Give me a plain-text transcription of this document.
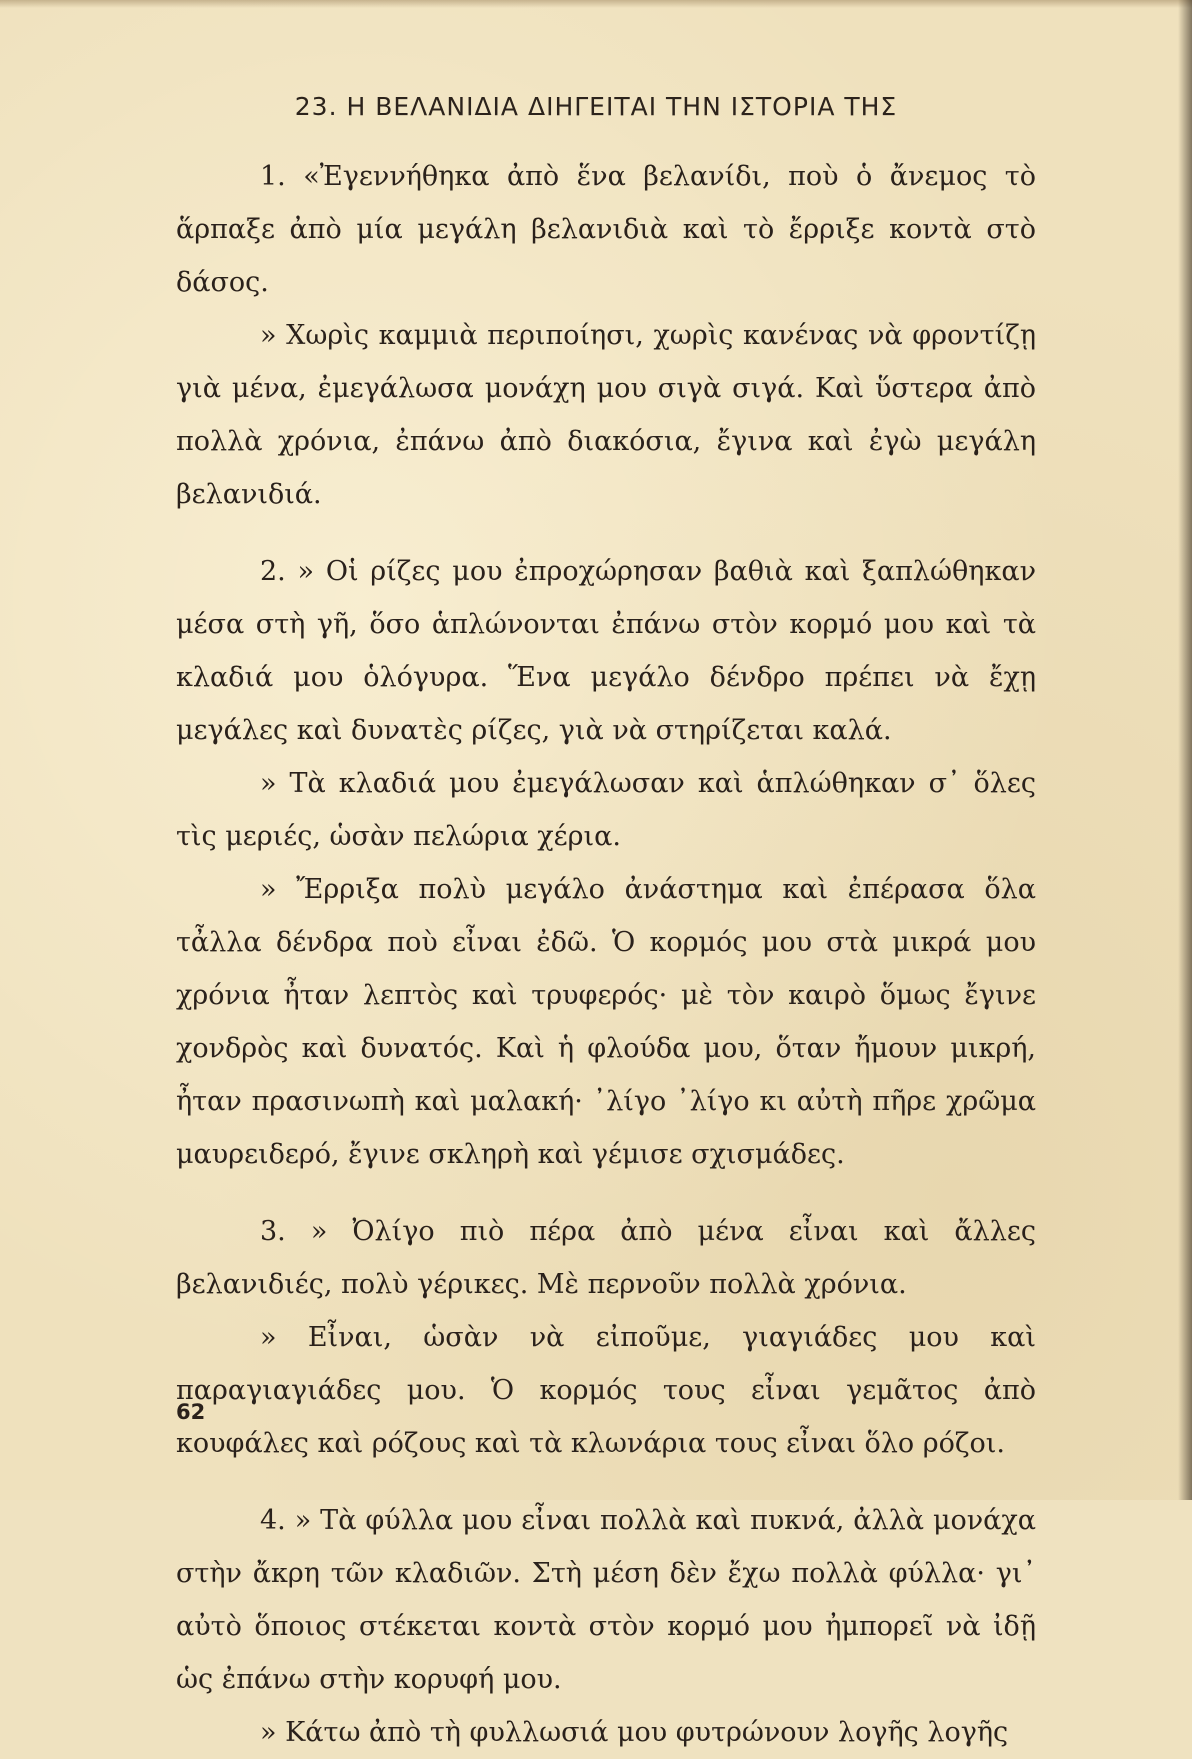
23. Η ΒΕΛΑΝΙΔΙΑ ΔΙΗΓΕΙΤΑΙ ΤΗΝ ΙΣΤΟΡΙΑ ΤΗΣ

1. «Ἐγεννήθηκα ἀπὸ ἕνα βελανίδι, ποὺ ὁ ἄνεμος τὸ ἅρπαξε ἀπὸ μία μεγάλη βελανιδιὰ καὶ τὸ ἔρριξε κοντὰ στὸ δάσος.

» Χωρὶς καμμιὰ περιποίησι, χωρὶς κανένας νὰ φροντίζῃ γιὰ μένα, ἐμεγάλωσα μονάχη μου σιγὰ σιγά. Καὶ ὕστερα ἀπὸ πολλὰ χρόνια, ἐπάνω ἀπὸ διακόσια, ἔγινα καὶ ἐγὼ μεγάλη βελανιδιά.

2. » Οἱ ρίζες μου ἐπροχώρησαν βαθιὰ καὶ ξαπλώθηκαν μέσα στὴ γῆ, ὅσο ἁπλώνονται ἐπάνω στὸν κορμό μου καὶ τὰ κλαδιά μου ὁλόγυρα. Ἕνα μεγάλο δένδρο πρέπει νὰ ἔχῃ μεγάλες καὶ δυνατὲς ρίζες, γιὰ νὰ στηρίζεται καλά.

» Τὰ κλαδιά μου ἐμεγάλωσαν καὶ ἁπλώθηκαν σ᾽ ὅλες τὶς μεριές, ὡσὰν πελώρια χέρια.

» Ἔρριξα πολὺ μεγάλο ἀνάστημα καὶ ἐπέρασα ὅλα τἆλλα δένδρα ποὺ εἶναι ἐδῶ. Ὁ κορμός μου στὰ μικρά μου χρόνια ἦταν λεπτὸς καὶ τρυφερός· μὲ τὸν καιρὸ ὅμως ἔγινε χονδρὸς καὶ δυνατός. Καὶ ἡ φλούδα μου, ὅταν ἤμουν μικρή, ἦταν πρασινωπὴ καὶ μαλακή· ᾽λίγο ᾽λίγο κι αὐτὴ πῆρε χρῶμα μαυρειδερό, ἔγινε σκληρὴ καὶ γέμισε σχισμάδες.

3. » Ὀλίγο πιὸ πέρα ἀπὸ μένα εἶναι καὶ ἄλλες βελανιδιές, πολὺ γέρικες. Μὲ περνοῦν πολλὰ χρόνια.

» Εἶναι, ὡσὰν νὰ εἰποῦμε, γιαγιάδες μου καὶ παραγιαγιάδες μου. Ὁ κορμός τους εἶναι γεμᾶτος ἀπὸ κουφάλες καὶ ρόζους καὶ τὰ κλωνάρια τους εἶναι ὅλο ρόζοι.

4. » Τὰ φύλλα μου εἶναι πολλὰ καὶ πυκνά, ἀλλὰ μονάχα στὴν ἄκρη τῶν κλαδιῶν. Στὴ μέση δὲν ἔχω πολλὰ φύλλα· γι᾽ αὐτὸ ὅποιος στέκεται κοντὰ στὸν κορμό μου ἠμπορεῖ νὰ ἰδῇ ὡς ἐπάνω στὴν κορυφή μου.

» Κάτω ἀπὸ τὴ φυλλωσιά μου φυτρώνουν λογῆς λογῆς

62
